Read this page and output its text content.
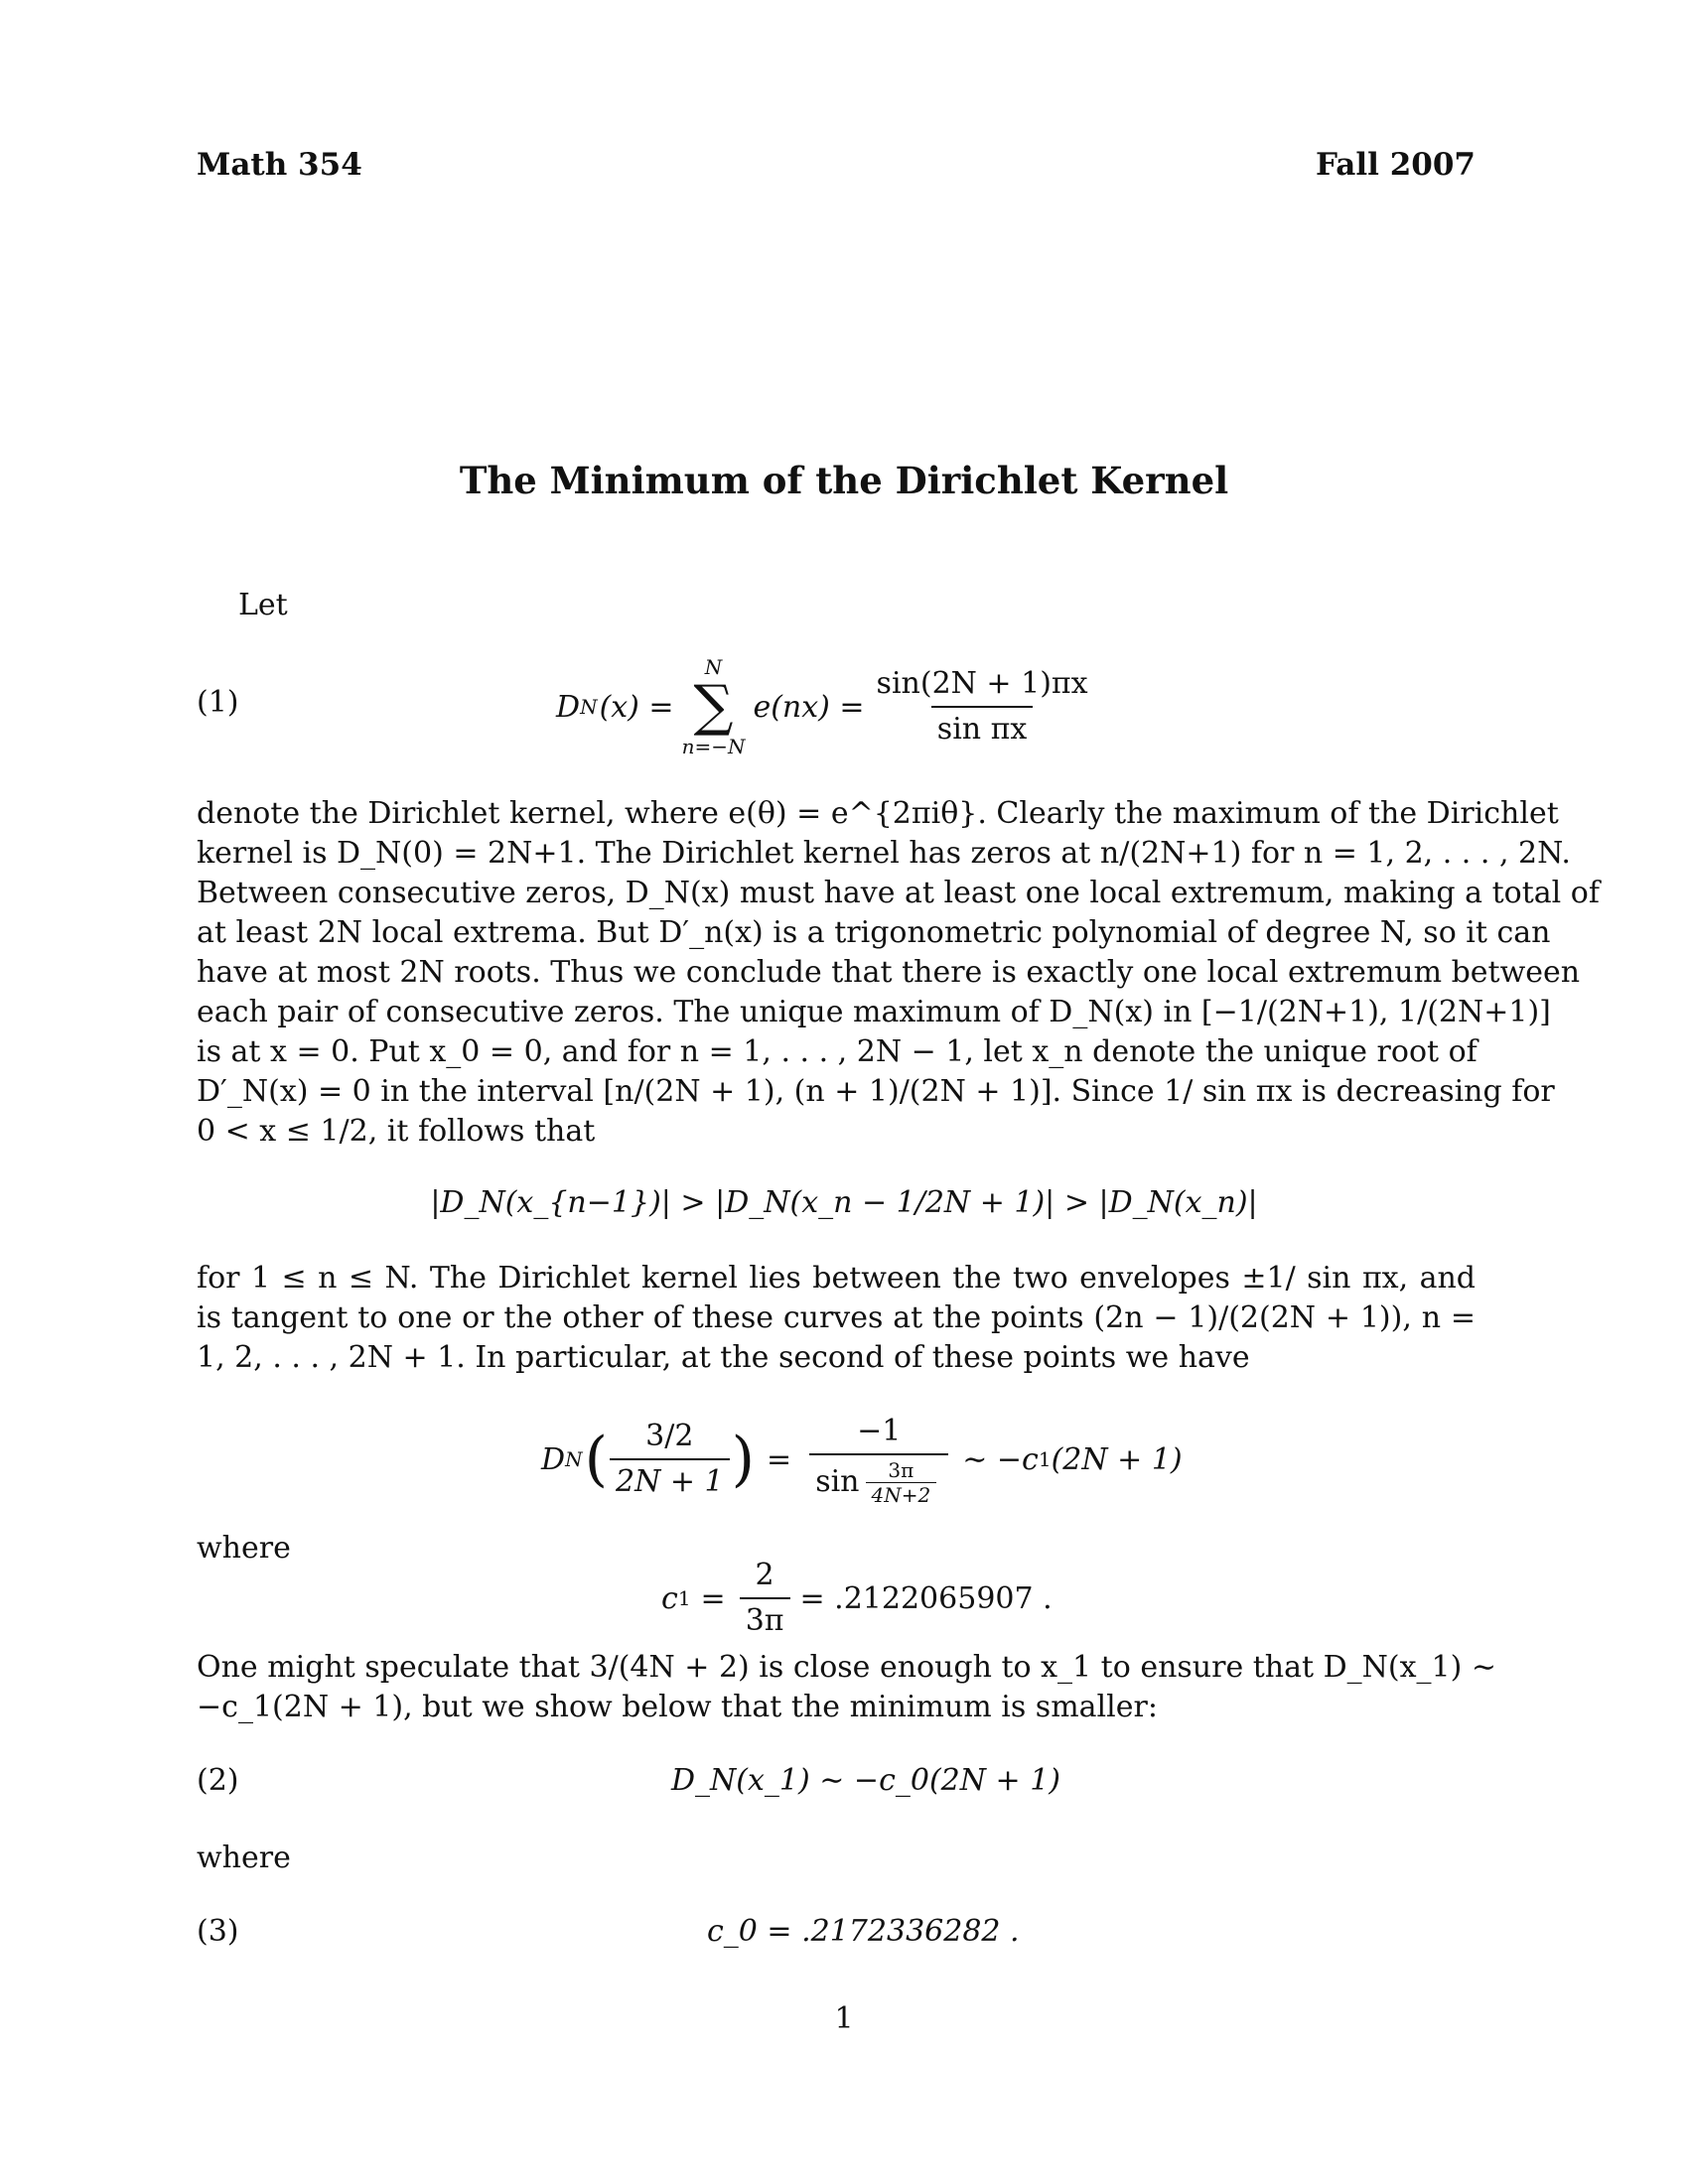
Math 354	Fall 2007
The Minimum of the Dirichlet Kernel
Let
(1)	D N (x) =
N
∑
n=−N
$e(nx) = \frac{\sin(2N + 1)\pi x}{\text{sin πx}}$
denote the Dirichlet kernel, where e(θ) = e^{2πiθ}. Clearly the maximum of the Dirichlet
kernel is D_N(0) = 2N+1. The Dirichlet kernel has zeros at n/(2N+1) for n = 1, 2, . . . , 2N.
Between consecutive zeros, D_N(x) must have at least one local extremum, making a total of
at least 2N local extrema. But D′_n(x) is a trigonometric polynomial of degree N, so it can
have at most 2N roots. Thus we conclude that there is exactly one local extremum between
each pair of consecutive zeros. The unique maximum of D_N(x) in [−1/(2N+1), 1/(2N+1)]
is at x = 0. Put x_0 = 0, and for n = 1, . . . , 2N − 1, let x_n denote the unique root of
D′_N(x) = 0 in the interval [n/(2N + 1), (n + 1)/(2N + 1)]. Since 1/ sin πx is decreasing for
0 < x ≤ 1/2, it follows that
|D_N(x_{n−1})| > |D_N(x_n − 1/2N + 1)| > |D_N(x_n)|
for 1 ≤ n ≤ N. The Dirichlet kernel lies between the two envelopes ±1/ sin πx, and
is tangent to one or the other of these curves at the points (2n − 1)/(2(2N + 1)), n =
1, 2, . . . , 2N + 1. In particular, at the second of these points we have
D N ( $\frac{3/2}{2N + 1}$ ) = $\frac{-1}{\sin \frac{3\pi}{4N+2}}$ ∼ −c 1 (2N + 1)
where
c $1 = \frac{2}{3\pi} = .2122065907$ .
One might speculate that 3/(4N + 2) is close enough to x_1 to ensure that D_N(x_1) ∼
−c_1(2N + 1), but we show below that the minimum is smaller:
(2)	D_N(x_1) ∼ −c_0(2N + 1)
where
(3)	c_0 = .2172336282 .
1
